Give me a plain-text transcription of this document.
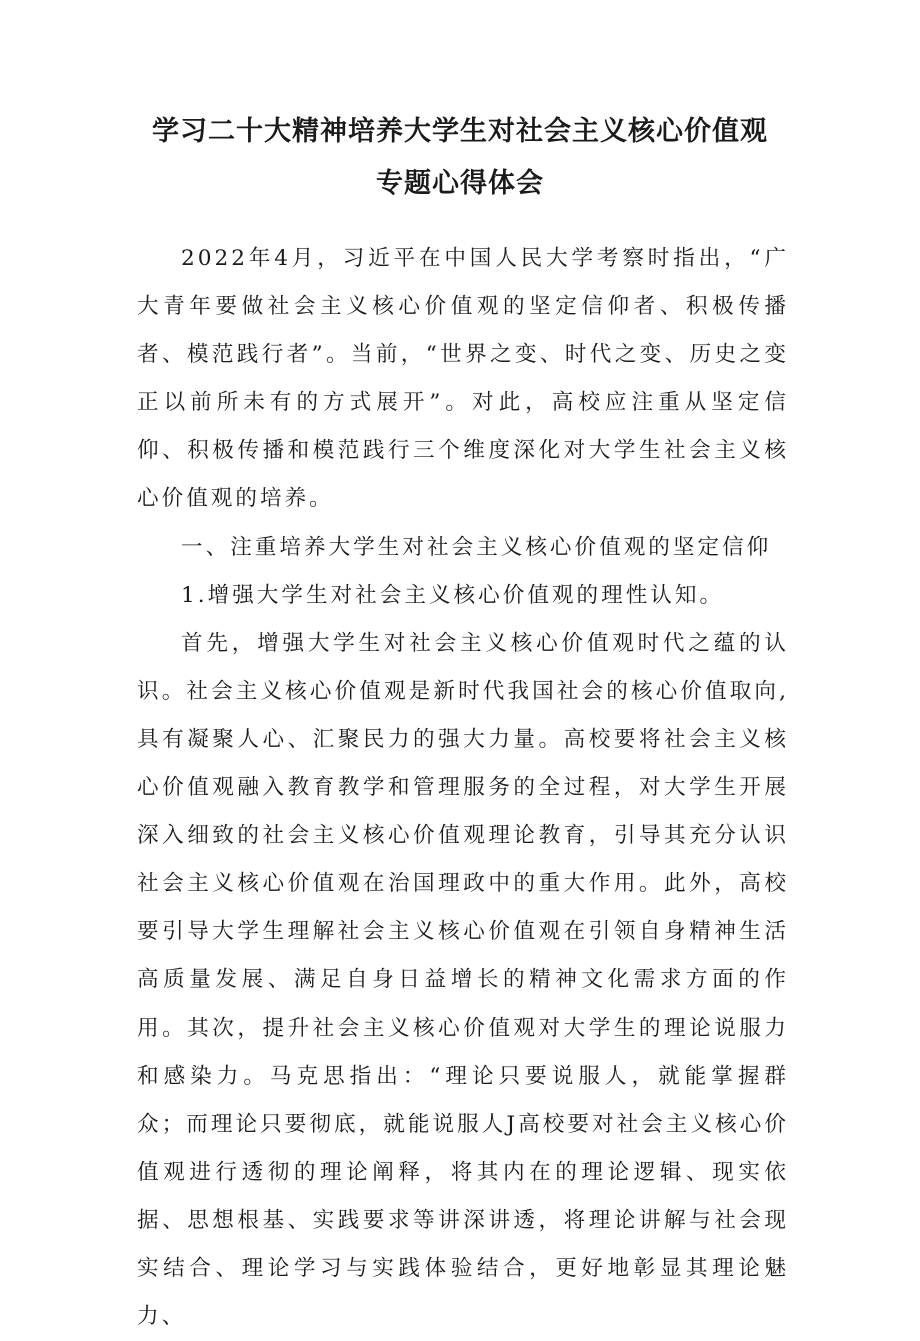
学习二十大精神培养大学生对社会主义核心价值观
专题心得体会

2022年4月，习近平在中国人民大学考察时指出，“广大青年要做社会主义核心价值观的坚定信仰者、积极传播者、模范践行者”。当前，“世界之变、时代之变、历史之变正以前所未有的方式展开”。对此，高校应注重从坚定信仰、积极传播和模范践行三个维度深化对大学生社会主义核心价值观的培养。

一、注重培养大学生对社会主义核心价值观的坚定信仰

1.增强大学生对社会主义核心价值观的理性认知。

首先，增强大学生对社会主义核心价值观时代之蕴的认识。社会主义核心价值观是新时代我国社会的核心价值取向,具有凝聚人心、汇聚民力的强大力量。高校要将社会主义核心价值观融入教育教学和管理服务的全过程，对大学生开展深入细致的社会主义核心价值观理论教育，引导其充分认识社会主义核心价值观在治国理政中的重大作用。此外，高校要引导大学生理解社会主义核心价值观在引领自身精神生活高质量发展、满足自身日益增长的精神文化需求方面的作用。其次，提升社会主义核心价值观对大学生的理论说服力和感染力。马克思指出：“理论只要说服人，就能掌握群众；而理论只要彻底，就能说服人J高校要对社会主义核心价值观进行透彻的理论阐释，将其内在的理论逻辑、现实依据、思想根基、实践要求等讲深讲透，将理论讲解与社会现实结合、理论学习与实践体验结合，更好地彰显其理论魅力、
